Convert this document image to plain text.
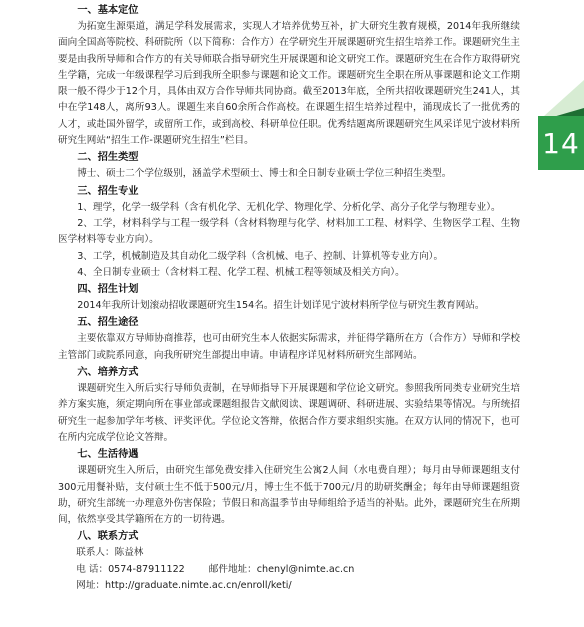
14
一、基本定位

为拓宽生源渠道，满足学科发展需求，实现人才培养优势互补，扩大研究生教育规模，2014年我所继续面向全国高等院校、科研院所（以下简称：合作方）在学研究生开展课题研究生招生培养工作。课题研究生主要是由我所导师和合作方的有关导师联合指导研究生开展课题和论文研究工作。课题研究生在合作方取得研究生学籍，完成一年级课程学习后到我所全职参与课题和论文工作。课题研究生全职在所从事课题和论文工作期限一般不得少于12个月，具体由双方合作导师共同协商。截至2013年底，全所共招收课题研究生241人，其中在学148人，离所93人。课题生来自60余所合作高校。在课题生招生培养过程中，涌现成长了一批优秀的人才，或赴国外留学，或留所工作，或到高校、科研单位任职。优秀结题离所课题研究生风采详见宁波材料所研究生网站“招生工作-课题研究生招生”栏目。

二、招生类型

博士、硕士二个学位级别，涵盖学术型硕士、博士和全日制专业硕士学位三种招生类型。

三、招生专业

1、理学，化学一级学科（含有机化学、无机化学、物理化学、分析化学、高分子化学与物理专业）。

2、工学，材料科学与工程一级学科（含材料物理与化学、材料加工工程、材料学、生物医学工程、生物医学材料等专业方向）。

3、工学，机械制造及其自动化二级学科（含机械、电子、控制、计算机等专业方向）。

4、全日制专业硕士（含材料工程、化学工程、机械工程等领域及相关方向）。

四、招生计划

2014年我所计划滚动招收课题研究生154名。招生计划详见宁波材料所学位与研究生教育网站。

五、招生途径

主要依靠双方导师协商推荐，也可由研究生本人依据实际需求，并征得学籍所在方（合作方）导师和学校主管部门或院系同意，向我所研究生部提出申请。申请程序详见材料所研究生部网站。

六、培养方式

课题研究生入所后实行导师负责制，在导师指导下开展课题和学位论文研究。参照我所同类专业研究生培养方案实施，须定期向所在事业部或课题组报告文献阅读、课题调研、科研进展、实验结果等情况。与所统招研究生一起参加学年考核、评奖评优。学位论文答辩，依据合作方要求组织实施。在双方认同的情况下，也可在所内完成学位论文答辩。

七、生活待遇

课题研究生入所后，由研究生部免费安排入住研究生公寓2人间（水电费自理）；每月由导师课题组支付300元用餐补贴，支付硕士生不低于500元/月，博士生不低于700元/月的助研奖酬金；每年由导师课题组资助，研究生部统一办理意外伤害保险；节假日和高温季节由导师组给予适当的补贴。此外，课题研究生在所期间，依然享受其学籍所在方的一切待遇。

八、联系方式
联系人：陈益林
电 话：0574-87911122	邮件地址：chenyl@nimte.ac.cn
网址：http://graduate.nimte.ac.cn/enroll/keti/
